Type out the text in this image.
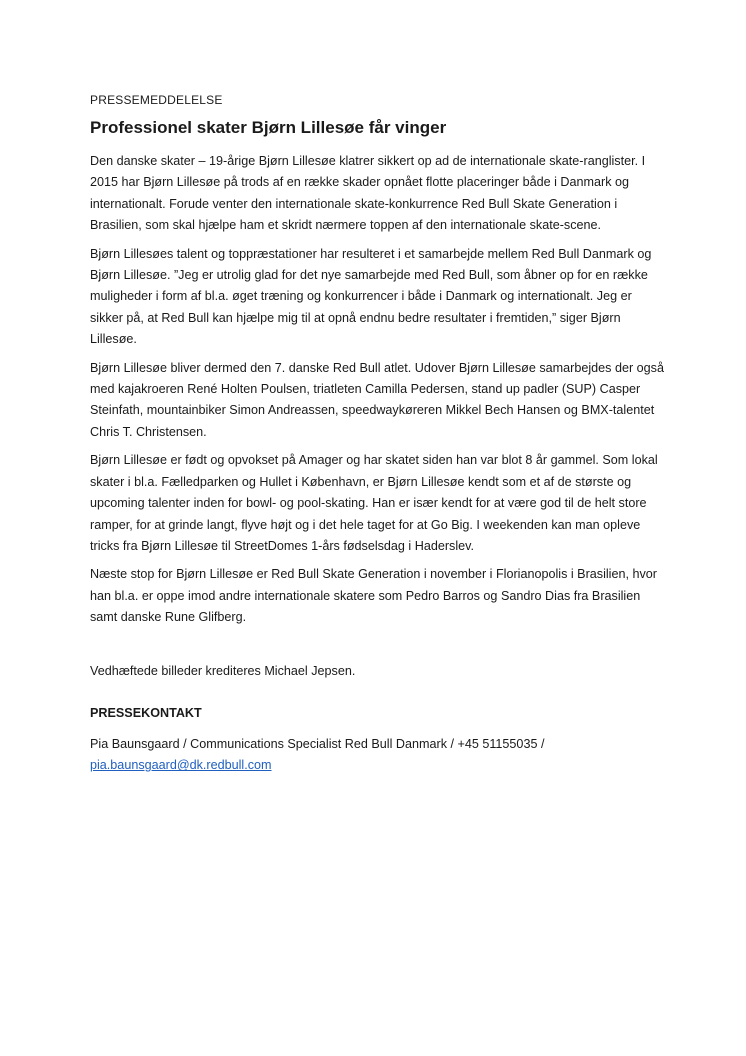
PRESSEMEDDELELSE
Professionel skater Bjørn Lillesøe får vinger

Den danske skater – 19-årige Bjørn Lillesøe klatrer sikkert op ad de internationale skate-ranglister. I 2015 har Bjørn Lillesøe på trods af en række skader opnået flotte placeringer både i Danmark og internationalt. Forude venter den internationale skate-konkurrence Red Bull Skate Generation i Brasilien, som skal hjælpe ham et skridt nærmere toppen af den internationale skate-scene.

Bjørn Lillesøes talent og toppræstationer har resulteret i et samarbejde mellem Red Bull Danmark og Bjørn Lillesøe. ”Jeg er utrolig glad for det nye samarbejde med Red Bull, som åbner op for en række muligheder i form af bl.a. øget træning og konkurrencer i både i Danmark og internationalt. Jeg er sikker på, at Red Bull kan hjælpe mig til at opnå endnu bedre resultater i fremtiden,” siger Bjørn Lillesøe.

Bjørn Lillesøe bliver dermed den 7. danske Red Bull atlet. Udover Bjørn Lillesøe samarbejdes der også med kajakroeren René Holten Poulsen, triatleten Camilla Pedersen, stand up padler (SUP) Casper Steinfath, mountainbiker Simon Andreassen, speedwaykøreren Mikkel Bech Hansen og BMX-talentet Chris T. Christensen.

Bjørn Lillesøe er født og opvokset på Amager og har skatet siden han var blot 8 år gammel. Som lokal skater i bl.a. Fælledparken og Hullet i København, er Bjørn Lillesøe kendt som et af de største og upcoming talenter inden for bowl- og pool-skating. Han er især kendt for at være god til de helt store ramper, for at grinde langt, flyve højt og i det hele taget for at Go Big. I weekenden kan man opleve tricks fra Bjørn Lillesøe til StreetDomes 1-års fødselsdag i Haderslev.

Næste stop for Bjørn Lillesøe er Red Bull Skate Generation i november i Florianopolis i Brasilien, hvor han bl.a. er oppe imod andre internationale skatere som Pedro Barros og Sandro Dias fra Brasilien samt danske Rune Glifberg.

Vedhæftede billeder krediteres Michael Jepsen.

PRESSEKONTAKT

Pia Baunsgaard / Communications Specialist Red Bull Danmark / +45 51155035 /

pia.baunsgaard@dk.redbull.com
